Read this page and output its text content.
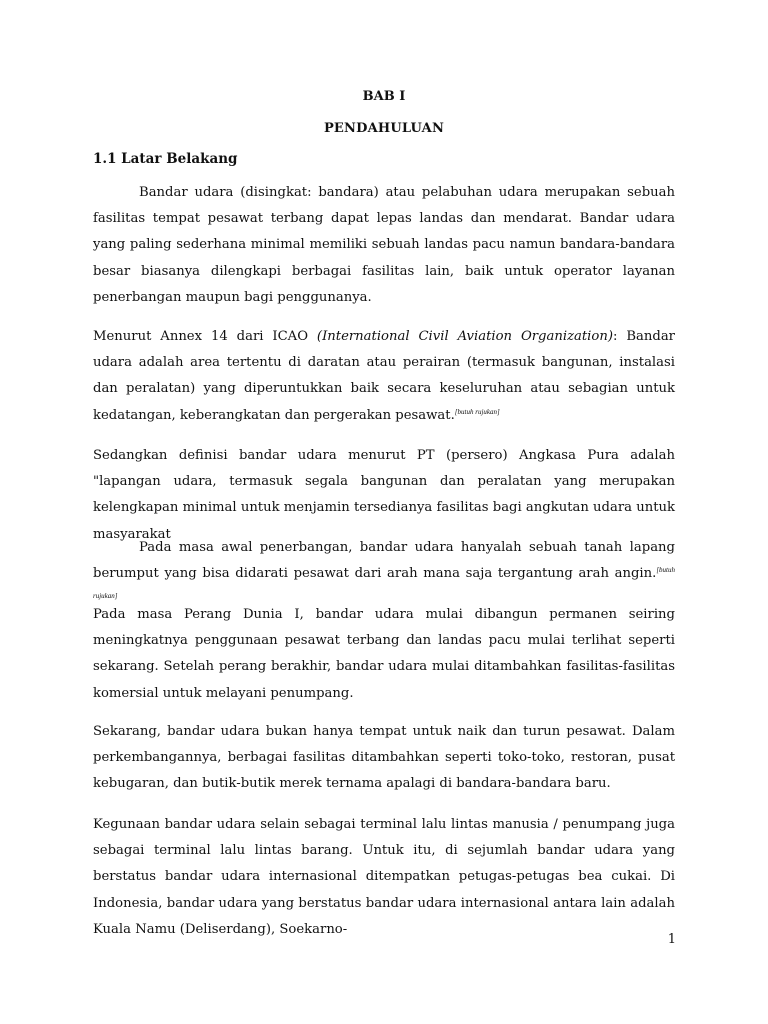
BAB I
PENDAHULUAN
1.1 Latar Belakang

Bandar udara (disingkat: bandara) atau pelabuhan udara merupakan sebuah fasilitas tempat pesawat terbang dapat lepas landas dan mendarat. Bandar udara yang paling sederhana minimal memiliki sebuah landas pacu namun bandara-bandara besar biasanya dilengkapi berbagai fasilitas lain, baik untuk operator layanan penerbangan maupun bagi penggunanya.

Menurut Annex 14 dari ICAO (International Civil Aviation Organization): Bandar udara adalah area tertentu di daratan atau perairan (termasuk bangunan, instalasi dan peralatan) yang diperuntukkan baik secara keseluruhan atau sebagian untuk kedatangan, keberangkatan dan pergerakan pesawat.[butuh rujukan]

Sedangkan definisi bandar udara menurut PT (persero) Angkasa Pura adalah "lapangan udara, termasuk segala bangunan dan peralatan yang merupakan kelengkapan minimal untuk menjamin tersedianya fasilitas bagi angkutan udara untuk masyarakat

Pada masa awal penerbangan, bandar udara hanyalah sebuah tanah lapang berumput yang bisa didarati pesawat dari arah mana saja tergantung arah angin.[butuh rujukan]

Pada masa Perang Dunia I, bandar udara mulai dibangun permanen seiring meningkatnya penggunaan pesawat terbang dan landas pacu mulai terlihat seperti sekarang. Setelah perang berakhir, bandar udara mulai ditambahkan fasilitas-fasilitas komersial untuk melayani penumpang.

Sekarang, bandar udara bukan hanya tempat untuk naik dan turun pesawat. Dalam perkembangannya, berbagai fasilitas ditambahkan seperti toko-toko, restoran, pusat kebugaran, dan butik-butik merek ternama apalagi di bandara-bandara baru.

Kegunaan bandar udara selain sebagai terminal lalu lintas manusia / penumpang juga sebagai terminal lalu lintas barang. Untuk itu, di sejumlah bandar udara yang berstatus bandar udara internasional ditempatkan petugas-petugas bea cukai. Di Indonesia, bandar udara yang berstatus bandar udara internasional antara lain adalah Kuala Namu (Deliserdang), Soekarno-

1
